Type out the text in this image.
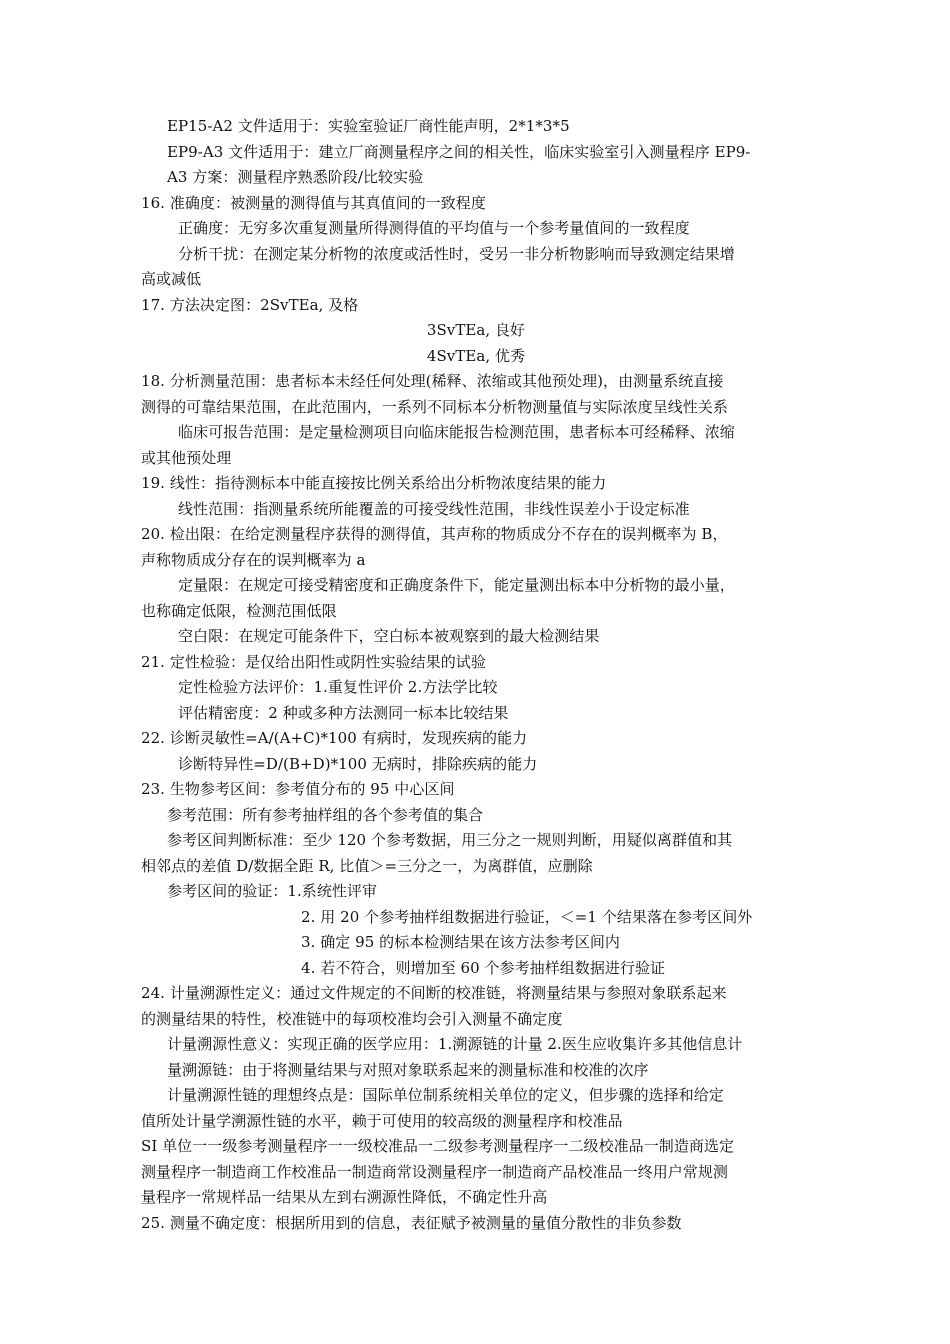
EP15-A2 文件适用于：实验室验证厂商性能声明，2*1*3*5
EP9-A3 文件适用于：建立厂商测量程序之间的相关性，临床实验室引入测量程序 EP9-
A3 方案：测量程序熟悉阶段/比较实验
16. 准确度：被测量的测得值与其真值间的一致程度
正确度：无穷多次重复测量所得测得值的平均值与一个参考量值间的一致程度
分析干扰：在测定某分析物的浓度或活性时，受另一非分析物影响而导致测定结果增
高或减低
17. 方法决定图：2SvTEa, 及格
3SvTEa, 良好
4SvTEa, 优秀
18. 分析测量范围：患者标本未经任何处理(稀释、浓缩或其他预处理)，由测量系统直接
测得的可靠结果范围，在此范围内，一系列不同标本分析物测量值与实际浓度呈线性关系
临床可报告范围：是定量检测项目向临床能报告检测范围，患者标本可经稀释、浓缩
或其他预处理
19. 线性：指待测标本中能直接按比例关系给出分析物浓度结果的能力
线性范围：指测量系统所能覆盖的可接受线性范围，非线性误差小于设定标准
20. 检出限：在给定测量程序获得的测得值，其声称的物质成分不存在的误判概率为 B，
声称物质成分存在的误判概率为 a
定量限：在规定可接受精密度和正确度条件下，能定量测出标本中分析物的最小量，
也称确定低限，检测范围低限
空白限：在规定可能条件下，空白标本被观察到的最大检测结果
21. 定性检验：是仅给出阳性或阴性实验结果的试验
定性检验方法评价：1.重复性评价 2.方法学比较
评估精密度：2 种或多种方法测同一标本比较结果
22. 诊断灵敏性=A/(A+C)*100 有病时，发现疾病的能力
诊断特异性=D/(B+D)*100 无病时，排除疾病的能力
23. 生物参考区间：参考值分布的 95 中心区间
参考范围：所有参考抽样组的各个参考值的集合
参考区间判断标准：至少 120 个参考数据，用三分之一规则判断，用疑似离群值和其
相邻点的差值 D/数据全距 R, 比值＞=三分之一，为离群值，应删除
参考区间的验证：1.系统性评审
2. 用 20 个参考抽样组数据进行验证，＜=1 个结果落在参考区间外
3. 确定 95 的标本检测结果在该方法参考区间内
4. 若不符合，则增加至 60 个参考抽样组数据进行验证
24. 计量溯源性定义：通过文件规定的不间断的校准链，将测量结果与参照对象联系起来
的测量结果的特性，校准链中的每项校准均会引入测量不确定度
计量溯源性意义：实现正确的医学应用：1.溯源链的计量 2.医生应收集许多其他信息计
量溯源链：由于将测量结果与对照对象联系起来的测量标准和校准的次序
计量溯源性链的理想终点是：国际单位制系统相关单位的定义，但步骤的选择和给定
值所处计量学溯源性链的水平，赖于可使用的较高级的测量程序和校准品
SI 单位一一级参考测量程序一一级校准品一二级参考测量程序一二级校准品一制造商选定
测量程序一制造商工作校准品一制造商常设测量程序一制造商产品校准品一终用户常规测
量程序一常规样品一结果从左到右溯源性降低，不确定性升高
25. 测量不确定度：根据所用到的信息，表征赋予被测量的量值分散性的非负参数
